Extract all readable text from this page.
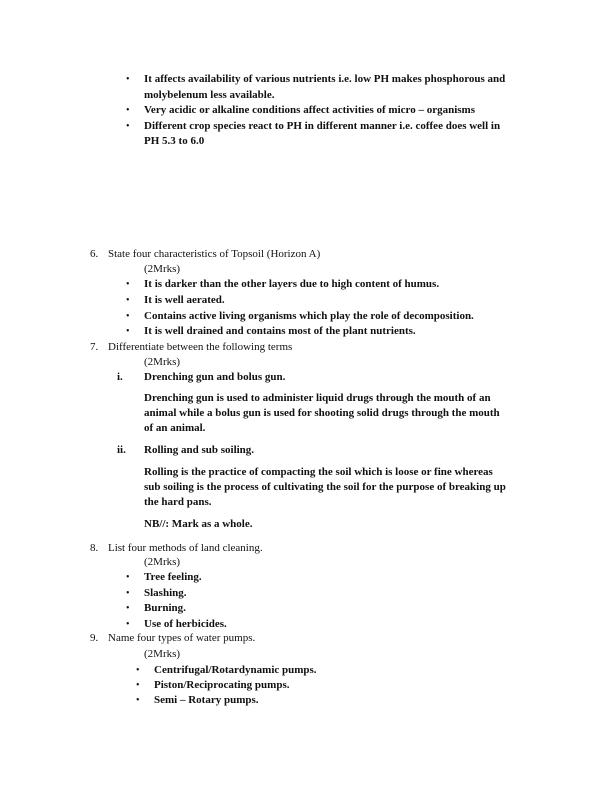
• It affects availability of various nutrients i.e. low PH makes phosphorous and
molybelenum less available.
• Very acidic or alkaline conditions affect activities of micro – organisms
• Different crop species react to PH in different manner i.e. coffee does well in
PH 5.3 to 6.0
6. State four characteristics of Topsoil (Horizon A)
(2Mrks)
• It is darker than the other layers due to high content of humus.
• It is well aerated.
• Contains active living organisms which play the role of decomposition.
• It is well drained and contains most of the plant nutrients.
7. Differentiate between the following terms
(2Mrks)
i. Drenching gun and bolus gun.
Drenching gun is used to administer liquid drugs through the mouth of an
animal while a bolus gun is used for shooting solid drugs through the mouth
of an animal.
ii. Rolling and sub soiling.
Rolling is the practice of compacting the soil which is loose or fine whereas
sub soiling is the process of cultivating the soil for the purpose of breaking up
the hard pans.
NB//: Mark as a whole.
8. List four methods of land cleaning.
(2Mrks)
• Tree feeling.
• Slashing.
• Burning.
• Use of herbicides.
9. Name four types of water pumps.
(2Mrks)
• Centrifugal/Rotardynamic pumps.
• Piston/Reciprocating pumps.
• Semi – Rotary pumps.
